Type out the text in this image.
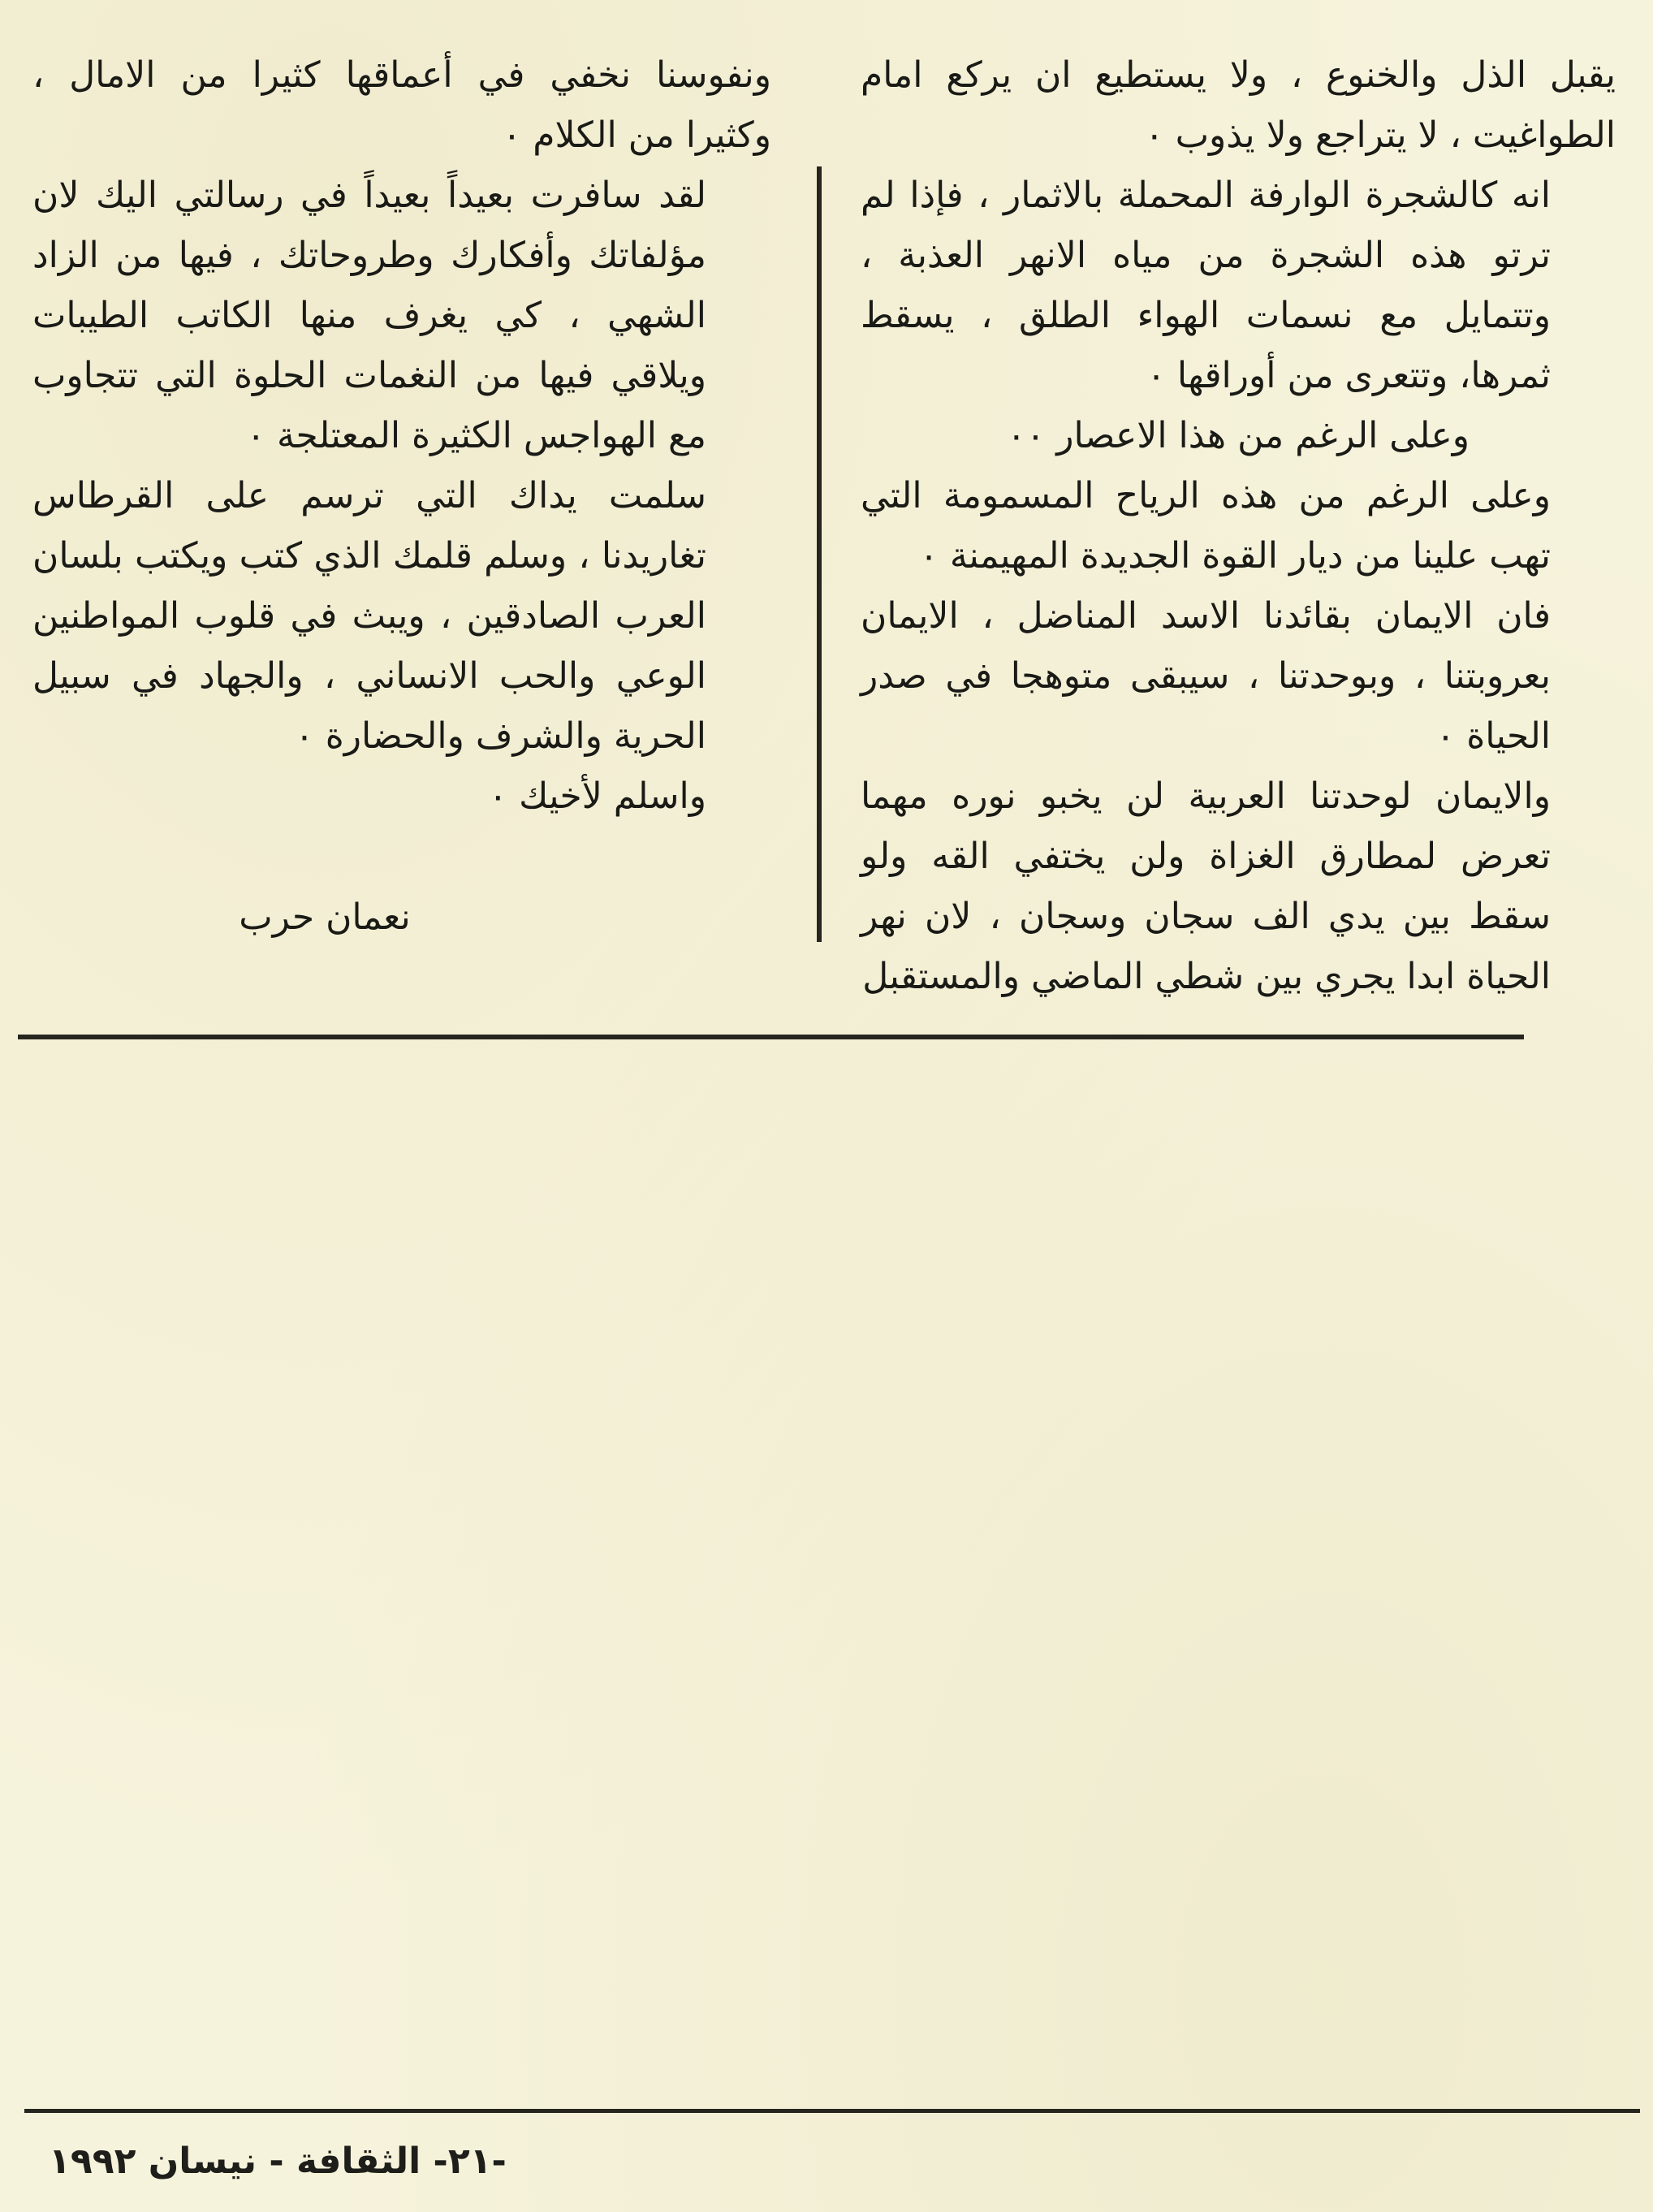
يقبل الذل والخنوع ، ولا يستطيع ان يركع امام الطواغيت ، لا يتراجع ولا يذوب ٠

انه كالشجرة الوارفة المحملة بالاثمار ، فإذا لم ترتو هذه الشجرة من مياه الانهر العذبة ، وتتمايل مع نسمات الهواء الطلق ، يسقط ثمرها، وتتعرى من أوراقها ٠

وعلى الرغم من هذا الاعصار ٠٠

وعلى الرغم من هذه الرياح المسمومة التي تهب علينا من ديار القوة الجديدة المهيمنة ٠

فان الايمان بقائدنا الاسد المناضل ، الايمان بعروبتنا ، وبوحدتنا ، سيبقى متوهجا في صدر الحياة ٠

والايمان لوحدتنا العربية لن يخبو نوره مهما تعرض لمطارق الغزاة ولن يختفي القه ولو سقط بين يدي الف سجان وسجان ، لان نهر الحياة ابدا يجري بين شطي الماضي والمستقبل

ونفوسنا نخفي في أعماقها كثيرا من الامال ، وكثيرا من الكلام ٠

لقد سافرت بعيداً بعيداً في رسالتي اليك لان مؤلفاتك وأفكارك وطروحاتك ، فيها من الزاد الشهي ، كي يغرف منها الكاتب الطيبات ويلاقي فيها من النغمات الحلوة التي تتجاوب مع الهواجس الكثيرة المعتلجة ٠

سلمت يداك التي ترسم على القرطاس تغاريدنا ، وسلم قلمك الذي كتب ويكتب بلسان العرب الصادقين ، ويبث في قلوب المواطنين الوعي والحب الانساني ، والجهاد في سبيل الحرية والشرف والحضارة ٠

واسلم لأخيك ٠

نعمان حرب
-٢١- الثقافة - نيسان ١٩٩٢
